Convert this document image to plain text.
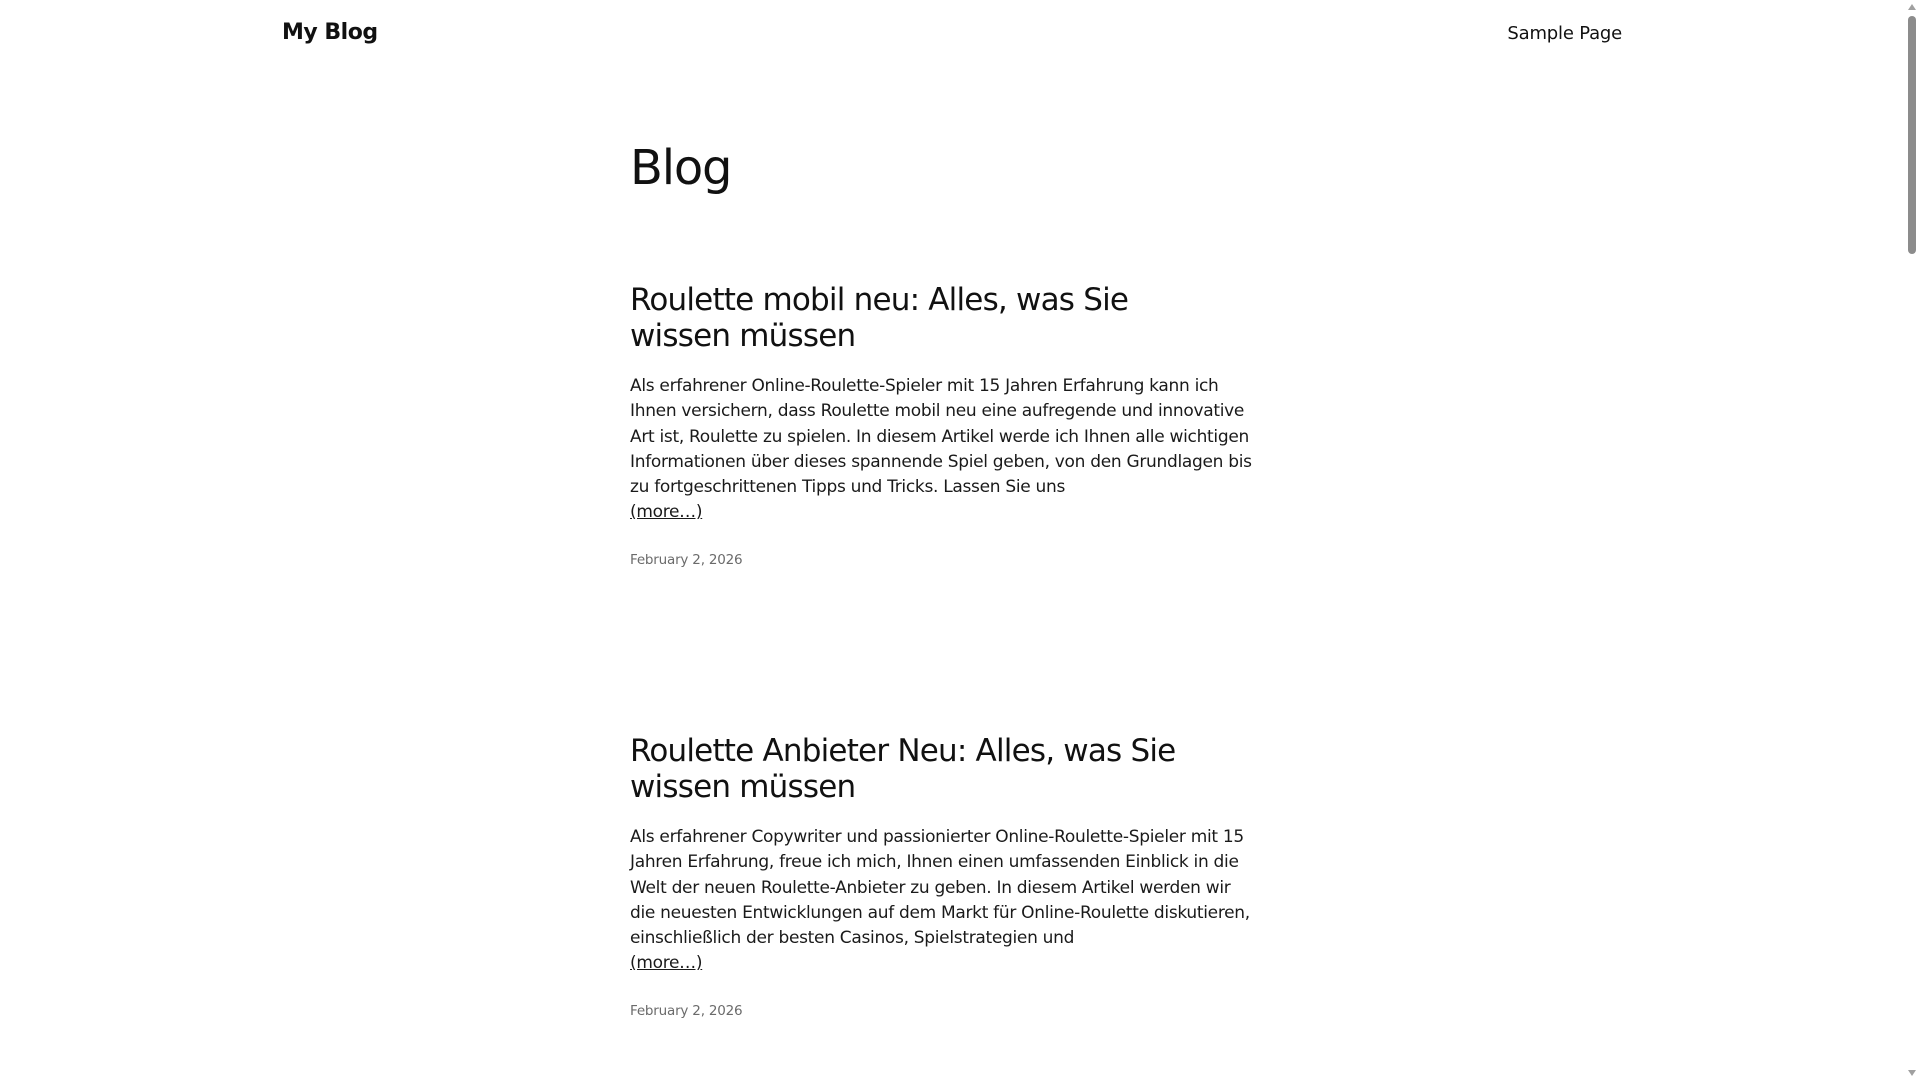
My Blog	Sample Page
Blog
Roulette mobil neu: Alles, was Sie wissen müssen

Als erfahrener Online-Roulette-Spieler mit 15 Jahren Erfahrung kann ich Ihnen versichern, dass Roulette mobil neu eine aufregende und innovative Art ist, Roulette zu spielen. In diesem Artikel werde ich Ihnen alle wichtigen Informationen über dieses spannende Spiel geben, von den Grundlagen bis zu fortgeschrittenen Tipps und Tricks. Lassen Sie uns
(more…)

February 2, 2026
Roulette Anbieter Neu: Alles, was Sie wissen müssen

Als erfahrener Copywriter und passionierter Online-Roulette-Spieler mit 15 Jahren Erfahrung, freue ich mich, Ihnen einen umfassenden Einblick in die Welt der neuen Roulette-Anbieter zu geben. In diesem Artikel werden wir die neuesten Entwicklungen auf dem Markt für Online-Roulette diskutieren, einschließlich der besten Casinos, Spielstrategien und
(more…)

February 2, 2026
